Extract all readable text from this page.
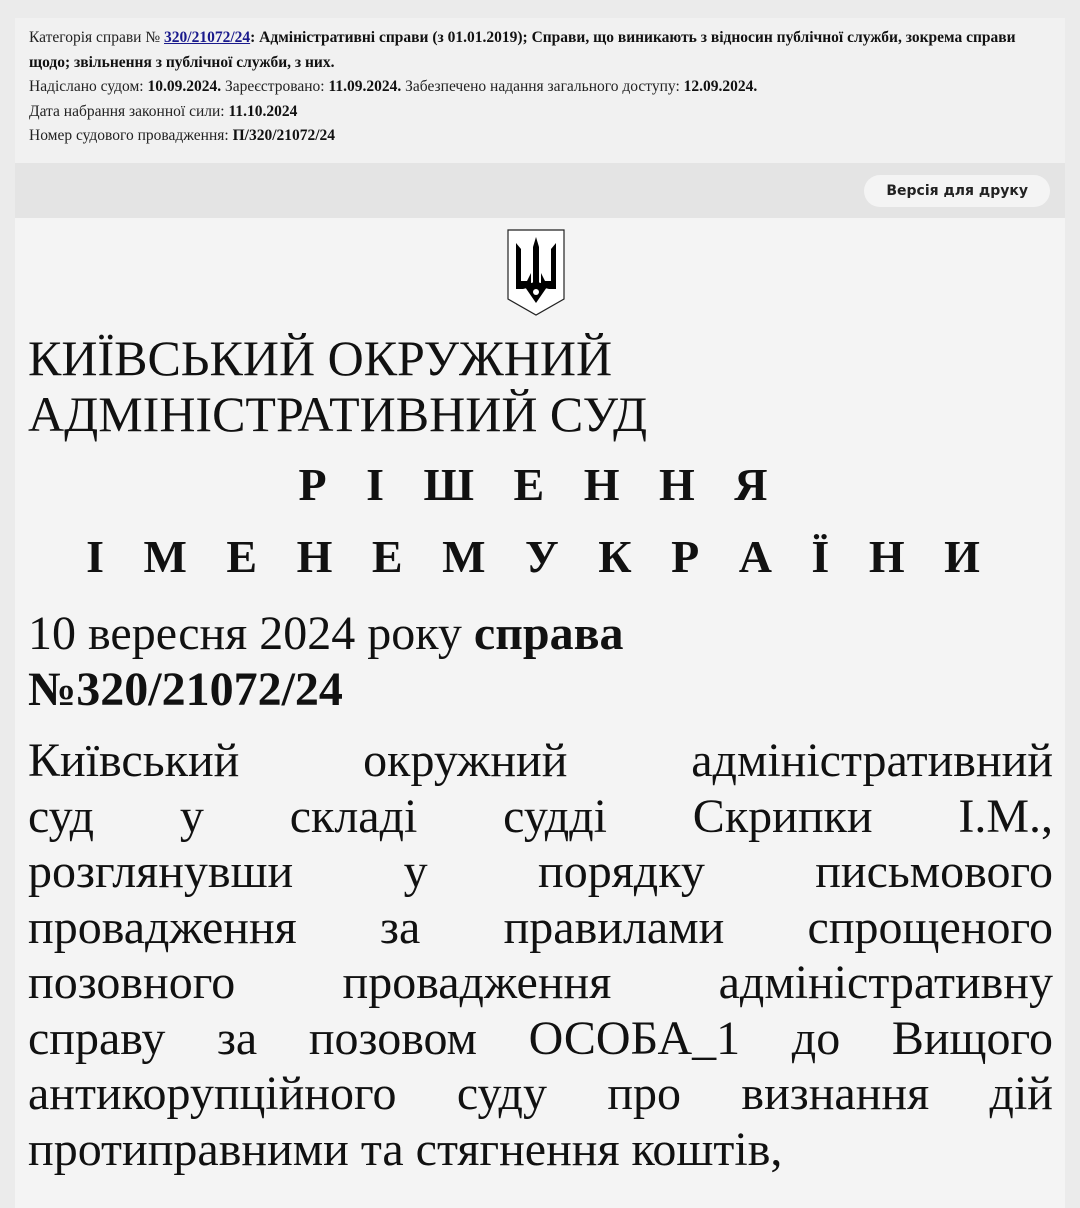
Категорія справи № 320/21072/24: Адміністративні справи (з 01.01.2019); Справи, що виникають з відносин публічної служби, зокрема справи щодо; звільнення з публічної служби, з них.
Надіслано судом: 10.09.2024. Зареєстровано: 11.09.2024. Забезпечено надання загального доступу: 12.09.2024.
Дата набрання законної сили: 11.10.2024
Номер судового провадження: П/320/21072/24
Версія для друку
КИЇВСЬКИЙ ОКРУЖНИЙ
АДМІНІСТРАТИВНИЙ СУД
Р І Ш Е Н Н Я
І М Е Н Е М У К Р А Ї Н И
10 вересня 2024 року справа
№320/21072/24
Київський окружний адміністративний
суд у складі судді Скрипки І.М.,
розглянувши у порядку письмового
провадження за правилами спрощеного
позовного провадження адміністративну
справу за позовом ОСОБА_1 до Вищого
антикорупційного суду про визнання дій
протиправними та стягнення коштів,
